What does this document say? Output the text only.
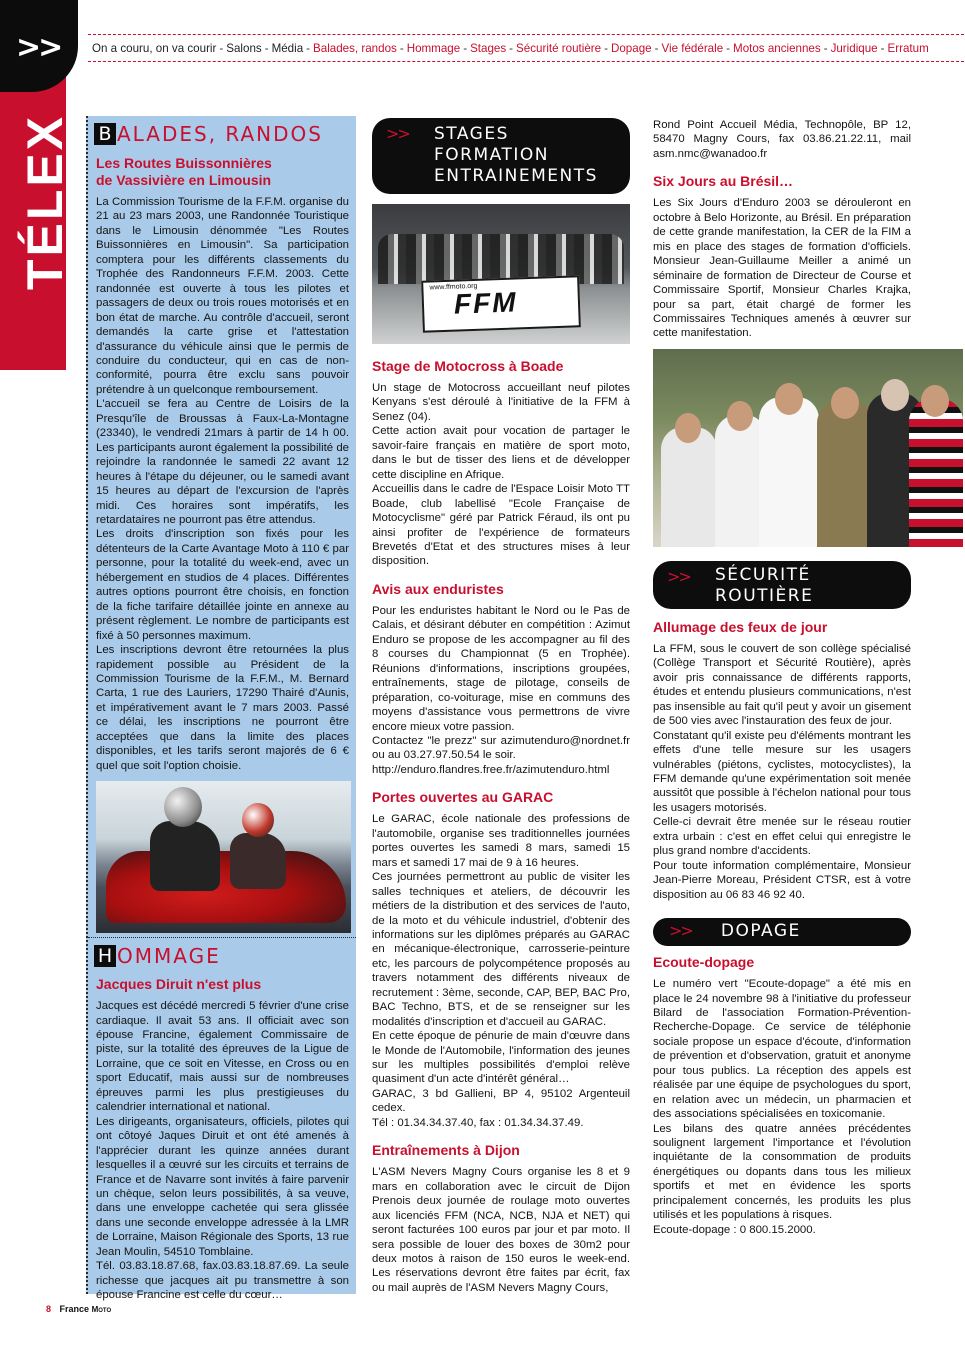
TÉLEX
>>	On a couru, on va courir - Salons - Média - Balades, randos - Hommage - Stages - Sécurité routière - Dopage - Vie fédérale - Motos anciennes - Juridique - Erratum
B ALADES, RANDOS
Les Routes Buissonnières
de Vassivière en Limousin

La Commission Tourisme de la F.F.M. organise du 21 au 23 mars 2003, une Randonnée Touristique dans le Limousin dénommée "Les Routes Buissonnières en Limousin". Sa participation comptera pour les différents classements du Trophée des Randonneurs F.F.M. 2003. Cette randonnée est ouverte à tous les pilotes et passagers de deux ou trois roues motorisés et en bon état de marche. Au contrôle d'accueil, seront demandés la carte grise et l'attestation d'assurance du véhicule ainsi que le permis de conduire du conducteur, qui en cas de non-conformité, pourra être exclu sans pouvoir prétendre à un quelconque remboursement.

L'accueil se fera au Centre de Loisirs de la Presqu'île de Broussas à Faux-La-Montagne (23340), le vendredi 21mars à partir de 14 h 00. Les participants auront également la possibilité de rejoindre la randonnée le samedi 22 avant 12 heures à l'étape du déjeuner, ou le samedi avant 15 heures au départ de l'excursion de l'après midi. Ces horaires sont impératifs, les retardataires ne pourront pas être attendus.

Les droits d'inscription son fixés pour les détenteurs de la Carte Avantage Moto à 110 € par personne, pour la totalité du week-end, avec un hébergement en studios de 4 places. Différentes autres options pourront être choisis, en fonction de la fiche tarifaire détaillée jointe en annexe au présent règlement. Le nombre de participants est fixé à 50 personnes maximum.

Les inscriptions devront être retournées la plus rapidement possible au Président de la Commission Tourisme de la F.F.M., M. Bernard Carta, 1 rue des Lauriers, 17290 Thairé d'Aunis, et impérativement avant le 7 mars 2003. Passé ce délai, les inscriptions ne pourront être acceptées que dans la limite des places disponibles, et les tarifs seront majorés de 6 € quel que soit l'option choisie.

H OMMAGE
Jacques Diruit n'est plus

Jacques est décédé mercredi 5 février d'une crise cardiaque. Il avait 53 ans. Il officiait avec son épouse Francine, également Commissaire de piste, sur la totalité des épreuves de la Ligue de Lorraine, que ce soit en Vitesse, en Cross ou en sport Educatif, mais aussi sur de nombreuses épreuves parmi les plus prestigieuses du calendrier international et national.

Les dirigeants, organisateurs, officiels, pilotes qui ont côtoyé Jaques Diruit et ont été amenés à l'apprécier durant les quinze années durant lesquelles il a œuvré sur les circuits et terrains de France et de Navarre sont invités à faire parvenir un chèque, selon leurs possibilités, à sa veuve, dans une enveloppe cachetée qui sera glissée dans une seconde enveloppe adressée à la LMR de Lorraine, Maison Régionale des Sports, 13 rue Jean Moulin, 54510 Tomblaine.

Tél. 03.83.18.87.68, fax.03.83.18.87.69. La seule richesse que jacques ait pu transmettre à son épouse Francine est celle du cœur…

>> STAGES
FORMATION
ENTRAINEMENTS
www.ffmoto.org
FFM
Stage de Motocross à Boade

Un stage de Motocross accueillant neuf pilotes Kenyans s'est déroulé à l'initiative de la FFM à Senez (04).

Cette action avait pour vocation de partager le savoir-faire français en matière de sport moto, dans le but de tisser des liens et de développer cette discipline en Afrique.

Accueillis dans le cadre de l'Espace Loisir Moto TT Boade, club labellisé "Ecole Française de Motocyclisme" géré par Patrick Féraud, ils ont pu ainsi profiter de l'expérience de formateurs Brevetés d'Etat et des structures mises à leur disposition.

Avis aux enduristes

Pour les enduristes habitant le Nord ou le Pas de Calais, et désirant débuter en compétition : Azimut Enduro se propose de les accompagner au fil des 8 courses du Championnat (5 en Trophée). Réunions d'informations, inscriptions groupées, entraînements, stage de pilotage, conseils de préparation, co-voiturage, mise en communs des moyens d'assistance vous permettrons de vivre encore mieux votre passion.

Contactez "le prezz" sur azimutenduro@nordnet.fr ou au 03.27.97.50.54 le soir.

http://enduro.flandres.free.fr/azimutenduro.html

Portes ouvertes au GARAC

Le GARAC, école nationale des professions de l'automobile, organise ses traditionnelles journées portes ouvertes les samedi 8 mars, samedi 15 mars et samedi 17 mai de 9 à 16 heures.

Ces journées permettront au public de visiter les salles techniques et ateliers, de découvrir les métiers de la distribution et des services de l'auto, de la moto et du véhicule industriel, d'obtenir des informations sur les diplômes préparés au GARAC en mécanique-électronique, carrosserie-peinture etc, les parcours de polycompétence proposés au travers notamment des différents niveaux de recrutement : 3ème, seconde, CAP, BEP, BAC Pro, BAC Techno, BTS, et de se renseigner sur les modalités d'inscription et d'accueil au GARAC.

En cette époque de pénurie de main d'œuvre dans le Monde de l'Automobile, l'information des jeunes sur les multiples possibilités d'emploi relève quasiment d'un acte d'intérêt général…

GARAC, 3 bd Gallieni, BP 4, 95102 Argenteuil cedex.

Tél : 01.34.34.37.40, fax : 01.34.34.37.49.

Entraînements à Dijon

L'ASM Nevers Magny Cours organise les 8 et 9 mars en collaboration avec le circuit de Dijon Prenois deux journée de roulage moto ouvertes aux licenciés FFM (NCA, NCB, NJA et NET) qui seront facturées 100 euros par jour et par moto. Il sera possible de louer des boxes de 30m2 pour deux motos à raison de 150 euros le week-end. Les réservations devront être faites par écrit, fax ou mail auprès de l'ASM Nevers Magny Cours,

Rond Point Accueil Média, Technopôle, BP 12, 58470 Magny Cours, fax 03.86.21.22.11, mail asm.nmc@wanadoo.fr

Six Jours au Brésil…

Les Six Jours d'Enduro 2003 se dérouleront en octobre à Belo Horizonte, au Brésil. En préparation de cette grande manifestation, la CER de la FIM a mis en place des stages de formation d'officiels. Monsieur Jean-Guillaume Meiller a animé un séminaire de formation de Directeur de Course et Commissaire Sportif, Monsieur Charles Krajka, pour sa part, était chargé de former les Commissaires Techniques amenés à œuvrer sur cette manifestation.

>> SÉCURITÉ
ROUTIÈRE
Allumage des feux de jour

La FFM, sous le couvert de son collège spécialisé (Collège Transport et Sécurité Routière), après avoir pris connaissance de différents rapports, études et entendu plusieurs communications, n'est pas insensible au fait qu'il peut y avoir un gisement de 500 vies avec l'instauration des feux de jour.

Constatant qu'il existe peu d'éléments montrant les effets d'une telle mesure sur les usagers vulnérables (piétons, cyclistes, motocyclistes), la FFM demande qu'une expérimentation soit menée aussitôt que possible à l'échelon national pour tous les usagers motorisés.

Celle-ci devrait être menée sur le réseau routier extra urbain : c'est en effet celui qui enregistre le plus grand nombre d'accidents.

Pour toute information complémentaire, Monsieur Jean-Pierre Moreau, Président CTSR, est à votre disposition au 06 83 46 92 40.

>> DOPAGE
Ecoute-dopage

Le numéro vert "Ecoute-dopage" a été mis en place le 24 novembre 98 à l'initiative du professeur Bilard de l'association Formation-Prévention-Recherche-Dopage. Ce service de téléphonie sociale propose un espace d'écoute, d'information de prévention et d'observation, gratuit et anonyme pour tous publics. La réception des appels est réalisée par une équipe de psychologues du sport, en relation avec un médecin, un pharmacien et des associations spécialisées en toxicomanie.

Les bilans des quatre années précédentes soulignent largement l'importance et l'évolution inquiétante de la consommation de produits énergétiques ou dopants dans tous les milieux sportifs et met en évidence les sports principalement concernés, les produits les plus utilisés et les populations à risques.

Ecoute-dopage : 0 800.15.2000.

8 France Moto
